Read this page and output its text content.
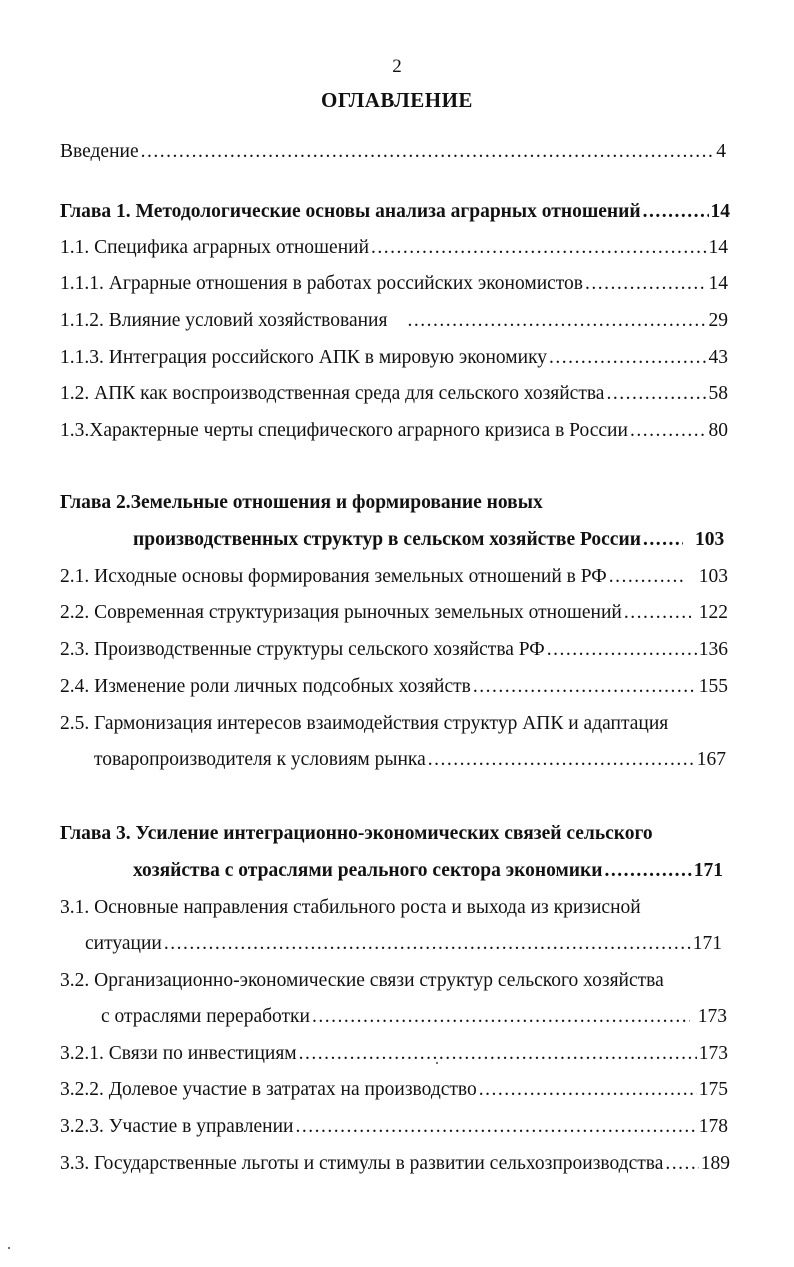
2
ОГЛАВЛЕНИЕ
Введение .....	4
Глава 1. Методологические основы анализа аграрных отношений .....	14
1.1. Специфика аграрных отношений .....	14
1.1.1. Аграрные отношения в работах российских экономистов .....	14
1.1.2. Влияние условий хозяйствования .....	29
1.1.3. Интеграция российского АПК в мировую экономику .....	43
1.2. АПК как воспроизводственная среда для сельского хозяйства .....	58
1.3.Характерные черты специфического аграрного кризиса в России .....	80
Глава 2.Земельные отношения и формирование новых
производственных структур в сельском хозяйстве России .....	103
2.1. Исходные основы формирования земельных отношений в РФ .....	103
2.2. Современная структуризация рыночных земельных отношений .....	122
2.3. Производственные структуры сельского хозяйства РФ .....	136
2.4. Изменение роли личных подсобных хозяйств .....	155
2.5. Гармонизация интересов взаимодействия структур АПК и адаптация
товаропроизводителя к условиям рынка .....	167
Глава 3. Усиление интеграционно-экономических связей сельского
хозяйства с отраслями реального сектора экономики .....	171
3.1. Основные направления стабильного роста и выхода из кризисной
ситуации .....	171
3.2. Организационно-экономические связи структур сельского хозяйства
с отраслями переработки .....	173
3.2.1. Связи по инвестициям .....	173
3.2.2. Долевое участие в затратах на производство .....	175
3.2.3. Участие в управлении .....	178
3.3. Государственные льготы и стимулы в развитии сельхозпроизводства ..... 189
